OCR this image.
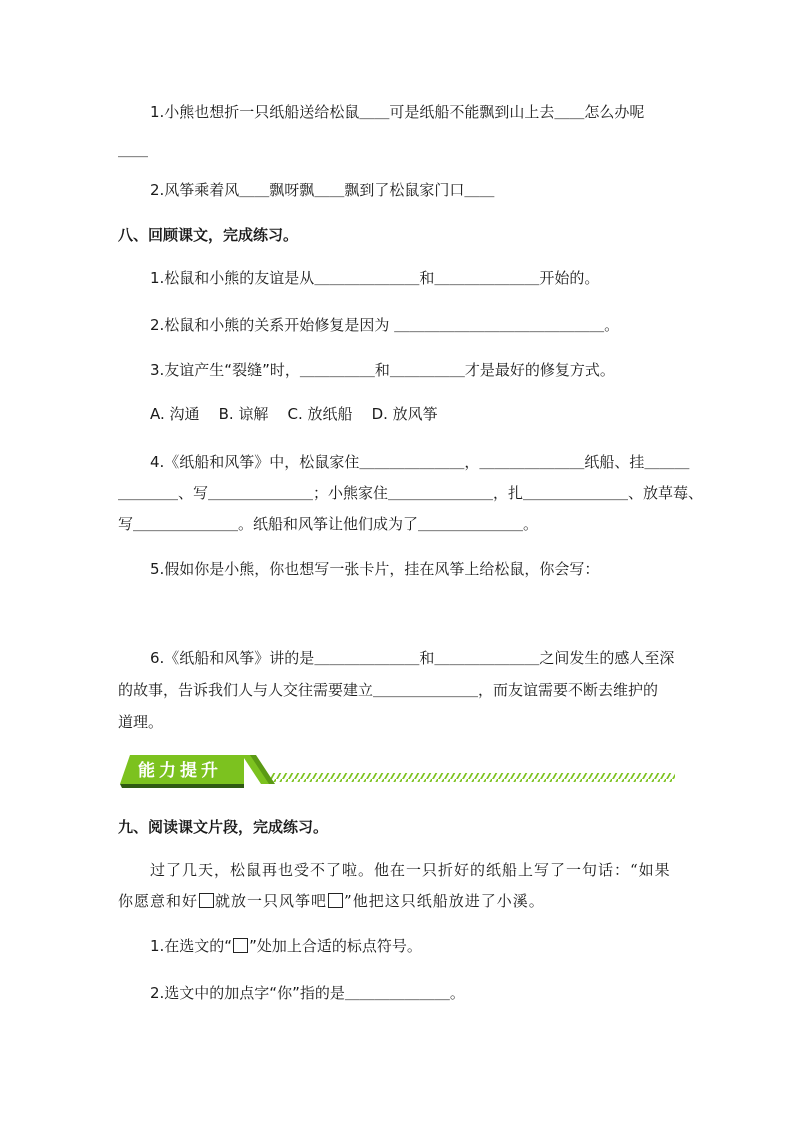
1.小熊也想折一只纸船送给松鼠＿＿可是纸船不能飘到山上去＿＿怎么办呢
＿＿
2.风筝乘着风＿＿飘呀飘＿＿飘到了松鼠家门口＿＿
八、回顾课文，完成练习。
1.松鼠和小熊的友谊是从＿＿＿＿＿＿＿和＿＿＿＿＿＿＿开始的。
2.松鼠和小熊的关系开始修复是因为 ＿＿＿＿＿＿＿＿＿＿＿＿＿＿。
3.友谊产生“裂缝”时，＿＿＿＿＿和＿＿＿＿＿才是最好的修复方式。
A. 沟通    B. 谅解    C. 放纸船    D. 放风筝
4.《纸船和风筝》中，松鼠家住＿＿＿＿＿＿＿，＿＿＿＿＿＿＿纸船、挂＿＿＿
＿＿＿＿、写＿＿＿＿＿＿＿；小熊家住＿＿＿＿＿＿＿，扎＿＿＿＿＿＿＿、放草莓、
写＿＿＿＿＿＿＿。纸船和风筝让他们成为了＿＿＿＿＿＿＿。
5.假如你是小熊，你也想写一张卡片，挂在风筝上给松鼠，你会写：
6.《纸船和风筝》讲的是＿＿＿＿＿＿＿和＿＿＿＿＿＿＿之间发生的感人至深
的故事，告诉我们人与人交往需要建立＿＿＿＿＿＿＿，而友谊需要不断去维护的
道理。
能力提升
九、阅读课文片段，完成练习。
过了几天，松鼠再也受不了啦。他在一只折好的纸船上写了一句话：“如果
你愿意和好 就放一只风筝吧 ”他把这只纸船放进了小溪。
1.在选文的“ ”处加上合适的标点符号。
2.选文中的加点字“你”指的是＿＿＿＿＿＿＿。
